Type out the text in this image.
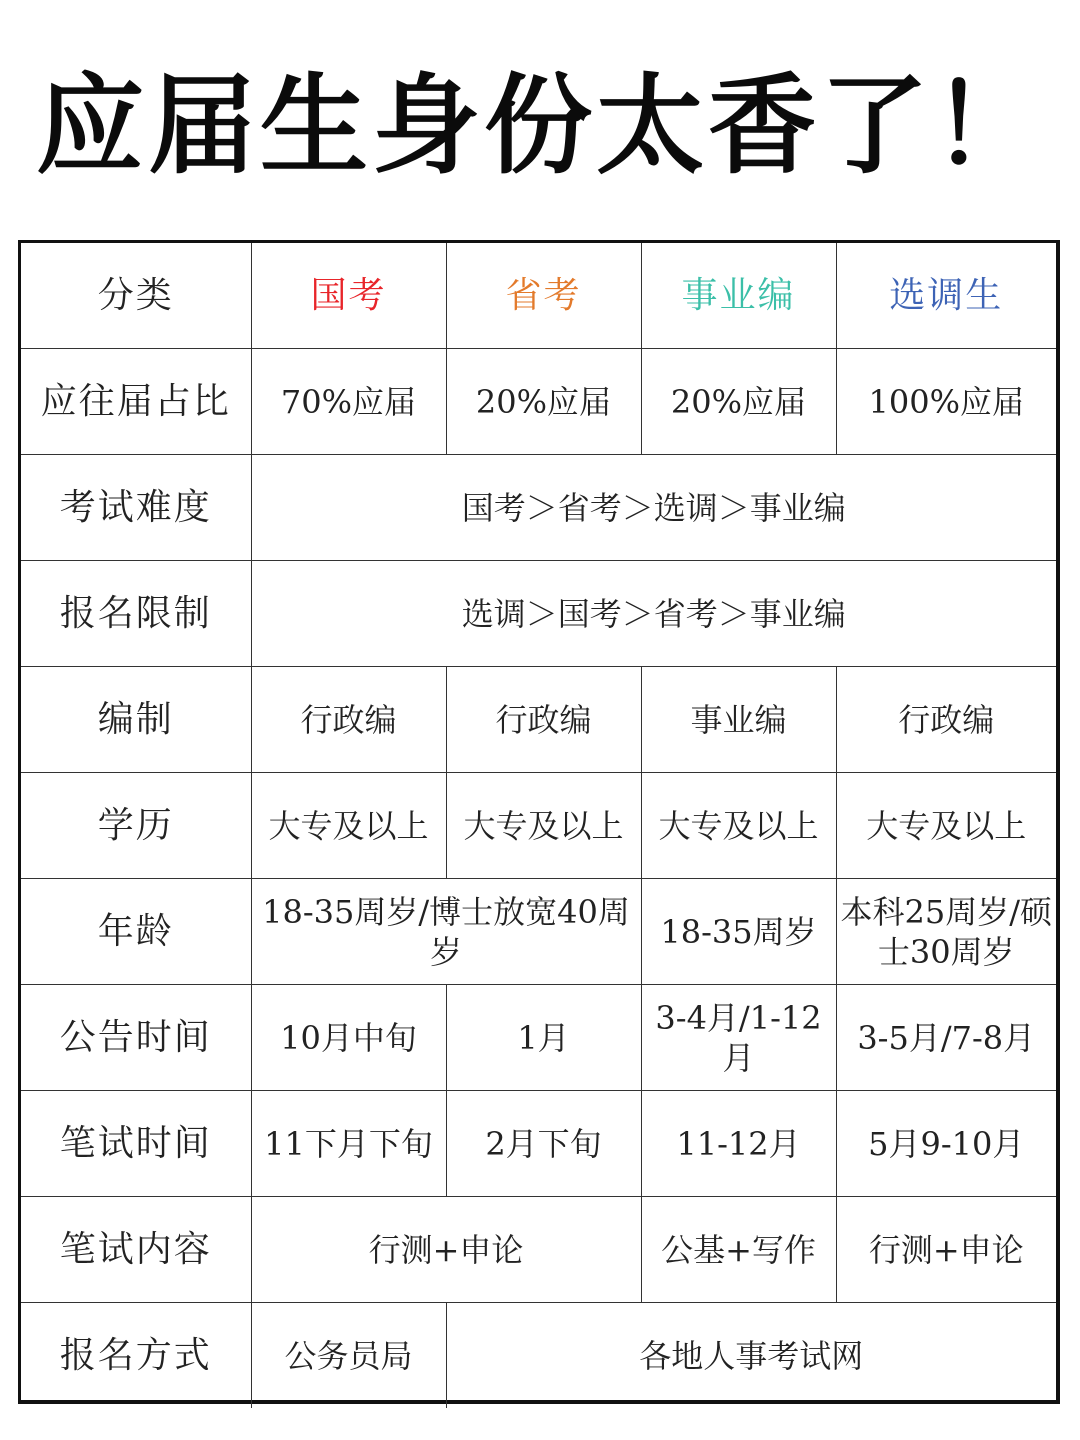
应届生身份太香了！
分类	国考	省考	事业编	选调生
应往届占比	70%应届	20%应届	20%应届	100%应届
考试难度	国考＞省考＞选调＞事业编			
报名限制	选调＞国考＞省考＞事业编			
编制	行政编	行政编	事业编	行政编
学历	大专及以上	大专及以上	大专及以上	大专及以上
年龄	18-35周岁/博士放宽40周岁		18-35周岁	本科25周岁/硕士30周岁
公告时间	10月中旬	1月	3-4月/1-12月	3-5月/7-8月
笔试时间	11下月下旬	2月下旬	11-12月	5月9-10月
笔试内容	行测+申论		公基+写作	行测+申论
报名方式	公务员局	各地人事考试网		
